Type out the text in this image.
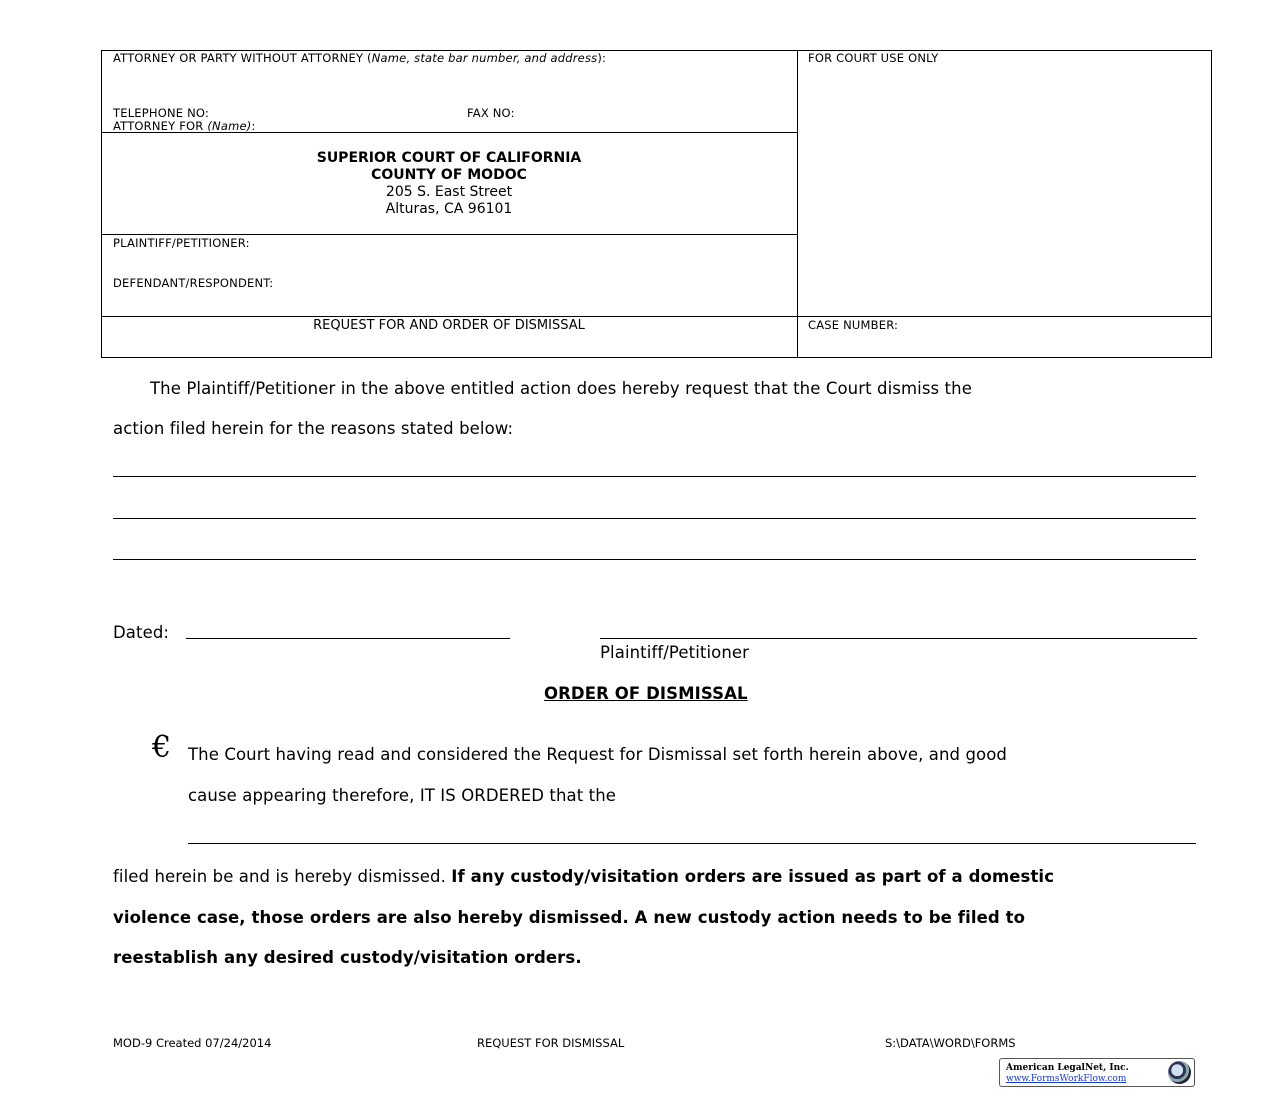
ATTORNEY OR PARTY WITHOUT ATTORNEY (Name, state bar number, and address):	FOR COURT USE ONLY
TELEPHONE NO:	FAX NO:
ATTORNEY FOR (Name):
SUPERIOR COURT OF CALIFORNIA
COUNTY OF MODOC
205 S. East Street
Alturas, CA 96101
PLAINTIFF/PETITIONER:
DEFENDANT/RESPONDENT:
REQUEST FOR AND ORDER OF DISMISSAL	CASE NUMBER:
The Plaintiff/Petitioner in the above entitled action does hereby request that the Court dismiss the
action filed herein for the reasons stated below:
Dated:
Plaintiff/Petitioner
ORDER OF DISMISSAL
€ The Court having read and considered the Request for Dismissal set forth herein above, and good
cause appearing therefore, IT IS ORDERED that the
filed herein be and is hereby dismissed. If any custody/visitation orders are issued as part of a domestic
violence case, those orders are also hereby dismissed. A new custody action needs to be filed to
reestablish any desired custody/visitation orders.
MOD-9 Created 07/24/2014	REQUEST FOR DISMISSAL	S:\DATA\WORD\FORMS
American LegalNet, Inc.
www.FormsWorkFlow.com
